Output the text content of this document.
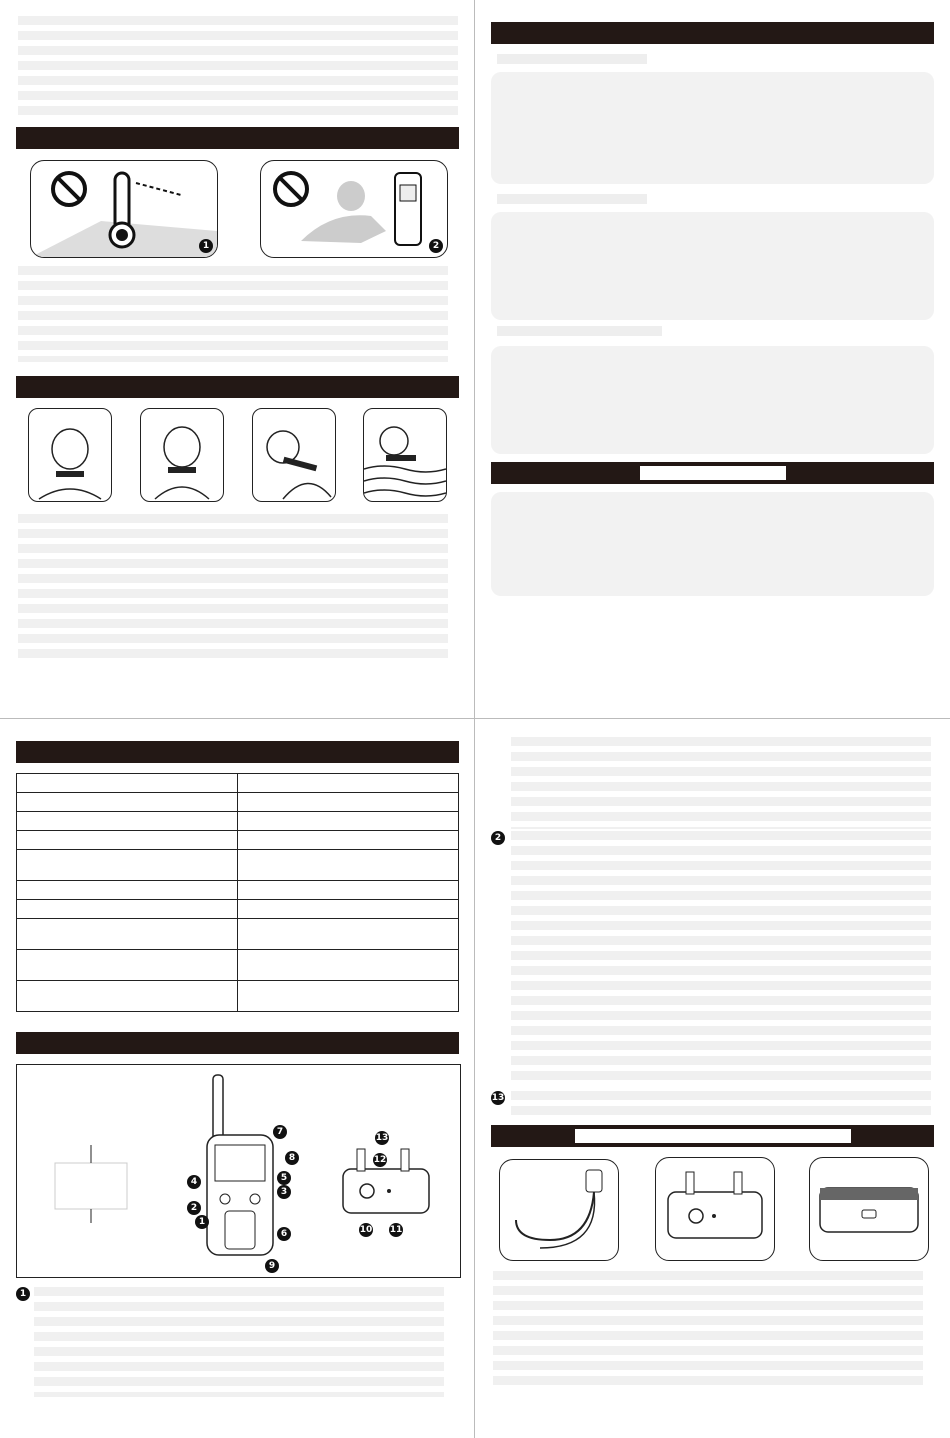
1	2

1
2
3
4	5
6
7
8
9
10 11
12
13
1
2
13
